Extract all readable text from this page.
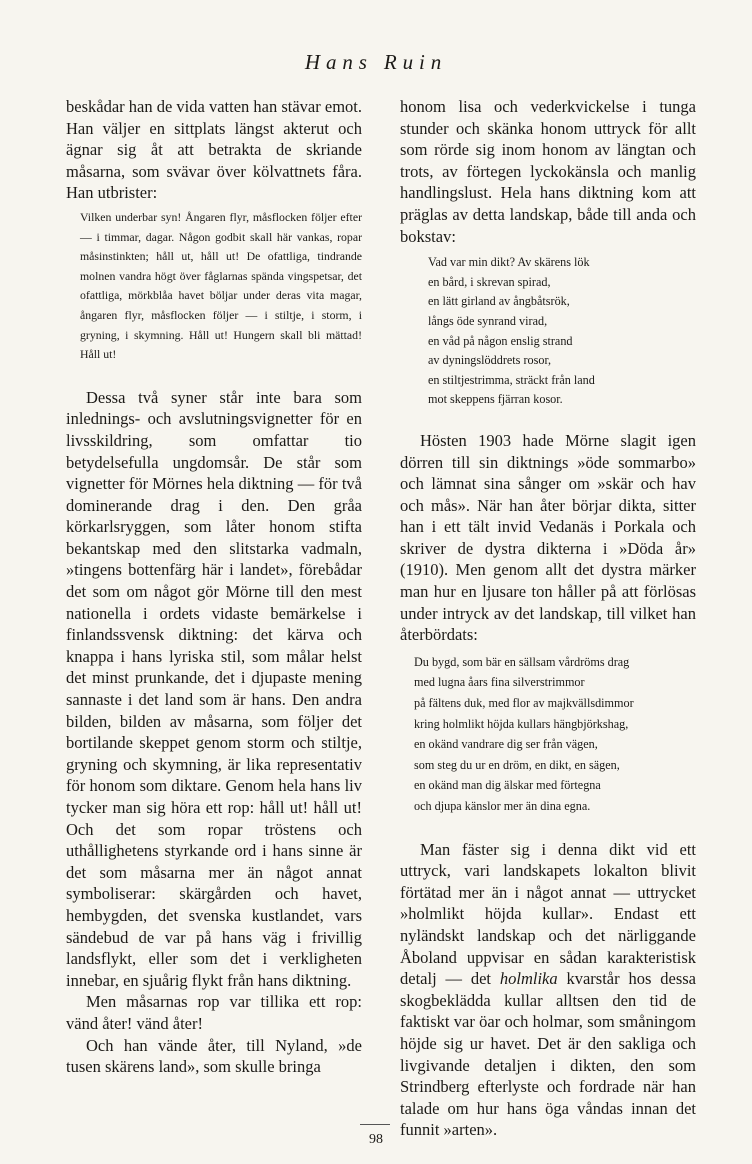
Hans Ruin

beskådar han de vida vatten han stävar emot. Han väljer en sittplats längst akterut och ägnar sig åt att betrakta de skriande måsarna, som svävar över kölvattnets fåra. Han utbrister:

Vilken underbar syn! Ångaren flyr, måsflocken följer efter — i timmar, dagar. Någon godbit skall här vankas, ropar måsinstinkten; håll ut, håll ut! De ofattliga, tindrande molnen vandra högt över fåglarnas spända vingspetsar, det ofattliga, mörkblåa havet böljar under deras vita magar, ångaren flyr, måsflocken följer — i stiltje, i storm, i gryning, i skymning. Håll ut! Hungern skall bli mättad! Håll ut!

Dessa två syner står inte bara som inlednings- och avslutningsvignetter för en livsskildring, som omfattar tio betydelsefulla ungdomsår. De står som vignetter för Mörnes hela diktning — för två dominerande drag i den. Den gråa körkarlsryggen, som låter honom stifta bekantskap med den slitstarka vadmaln, »tingens bottenfärg här i landet», förebådar det som om något gör Mörne till den mest nationella i ordets vidaste bemärkelse i finlandssvensk diktning: det kärva och knappa i hans lyriska stil, som målar helst det minst prunkande, det i djupaste mening sannaste i det land som är hans. Den andra bilden, bilden av måsarna, som följer det bortilande skeppet genom storm och stiltje, gryning och skymning, är lika representativ för honom som diktare. Genom hela hans liv tycker man sig höra ett rop: håll ut! håll ut! Och det som ropar tröstens och uthållighetens styrkande ord i hans sinne är det som måsarna mer än något annat symboliserar: skärgården och havet, hembygden, det svenska kustlandet, vars sändebud de var på hans väg i frivillig landsflykt, eller som det i verkligheten innebar, en sjuårig flykt från hans diktning.

Men måsarnas rop var tillika ett rop: vänd åter! vänd åter!

Och han vände åter, till Nyland, »de tusen skärens land», som skulle bringa

honom lisa och vederkvickelse i tunga stunder och skänka honom uttryck för allt som rörde sig inom honom av längtan och trots, av förtegen lyckokänsla och manlig handlingslust. Hela hans diktning kom att präglas av detta landskap, både till anda och bokstav:

Vad var min dikt? Av skärens lök
en bård, i skrevan spirad,
en lätt girland av ångbåtsrök,
långs öde synrand virad,
en våd på någon enslig strand
av dyningslöddrets rosor,
en stiltjestrimma, sträckt från land
mot skeppens fjärran kosor.

Hösten 1903 hade Mörne slagit igen dörren till sin diktnings »öde sommarbo» och lämnat sina sånger om »skär och hav och mås». När han åter börjar dikta, sitter han i ett tält invid Vedanäs i Porkala och skriver de dystra dikterna i »Döda år» (1910). Men genom allt det dystra märker man hur en ljusare ton håller på att förlösas under intryck av det landskap, till vilket han återbördats:

Du bygd, som bär en sällsam vårdröms drag
med lugna åars fina silverstrimmor
på fältens duk, med flor av majkvällsdimmor
kring holmlikt höjda kullars hängbjörkshag,
en okänd vandrare dig ser från vägen,
som steg du ur en dröm, en dikt, en sägen,
en okänd man dig älskar med förtegna
och djupa känslor mer än dina egna.

Man fäster sig i denna dikt vid ett uttryck, vari landskapets lokalton blivit förtätad mer än i något annat — uttrycket »holmlikt höjda kullar». Endast ett nyländskt landskap och det närliggande Åboland uppvisar en sådan karakteristisk detalj — det holmlika kvarstår hos dessa skogbeklädda kullar alltsen den tid de faktiskt var öar och holmar, som småningom höjde sig ur havet. Det är den sakliga och livgivande detaljen i dikten, den som Strindberg efterlyste och fordrade när han talade om hur hans öga våndas innan det funnit »arten».

98
